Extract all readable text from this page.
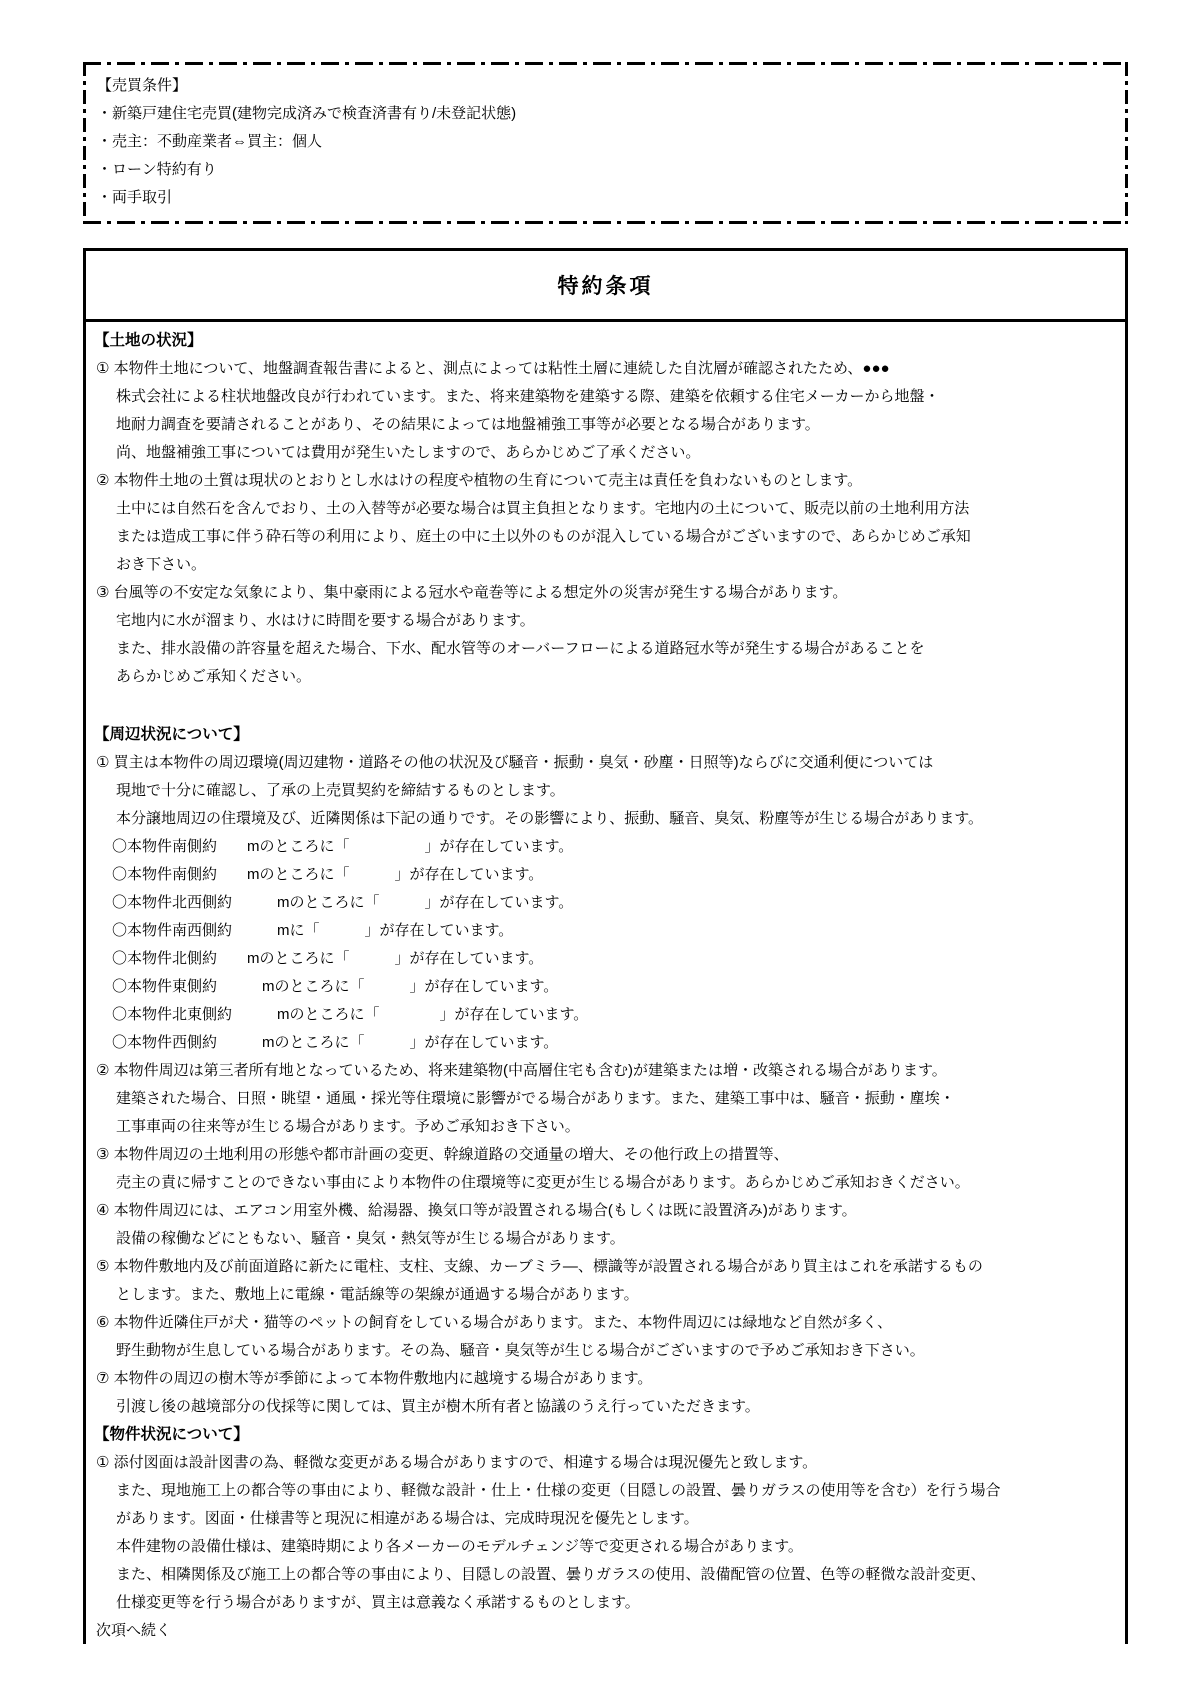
【売買条件】
・新築戸建住宅売買(建物完成済みで検査済書有り/未登記状態)
・売主：不動産業者⇔買主：個人
・ローン特約有り
・両手取引
特約条項
【土地の状況】
① 本物件土地について、地盤調査報告書によると、測点によっては粘性土層に連続した自沈層が確認されたため、●●●
株式会社による柱状地盤改良が行われています。また、将来建築物を建築する際、建築を依頼する住宅メーカーから地盤・
地耐力調査を要請されることがあり、その結果によっては地盤補強工事等が必要となる場合があります。
尚、地盤補強工事については費用が発生いたしますので、あらかじめご了承ください。
② 本物件土地の土質は現状のとおりとし水はけの程度や植物の生育について売主は責任を負わないものとします。
土中には自然石を含んでおり、土の入替等が必要な場合は買主負担となります。宅地内の土について、販売以前の土地利用方法
または造成工事に伴う砕石等の利用により、庭土の中に土以外のものが混入している場合がございますので、あらかじめご承知
おき下さい。
③ 台風等の不安定な気象により、集中豪雨による冠水や竜巻等による想定外の災害が発生する場合があります。
宅地内に水が溜まり、水はけに時間を要する場合があります。
また、排水設備の許容量を超えた場合、下水、配水管等のオーバーフローによる道路冠水等が発生する場合があることを
あらかじめご承知ください。
【周辺状況について】
① 買主は本物件の周辺環境(周辺建物・道路その他の状況及び騒音・振動・臭気・砂塵・日照等)ならびに交通利便については
現地で十分に確認し、了承の上売買契約を締結するものとします。
本分譲地周辺の住環境及び、近隣関係は下記の通りです。その影響により、振動、騒音、臭気、粉塵等が生じる場合があります。
〇本物件南側約　　mのところに「　　　　　」が存在しています。
〇本物件南側約　　mのところに「　　　」が存在しています。
〇本物件北西側約　　　mのところに「　　　」が存在しています。
〇本物件南西側約　　　mに「　　　」が存在しています。
〇本物件北側約　　mのところに「　　　」が存在しています。
〇本物件東側約　　　mのところに「　　　」が存在しています。
〇本物件北東側約　　　mのところに「　　　　」が存在しています。
〇本物件西側約　　　mのところに「　　　」が存在しています。
② 本物件周辺は第三者所有地となっているため、将来建築物(中高層住宅も含む)が建築または増・改築される場合があります。
建築された場合、日照・眺望・通風・採光等住環境に影響がでる場合があります。また、建築工事中は、騒音・振動・塵埃・
工事車両の往来等が生じる場合があります。予めご承知おき下さい。
③ 本物件周辺の土地利用の形態や都市計画の変更、幹線道路の交通量の増大、その他行政上の措置等、
売主の責に帰すことのできない事由により本物件の住環境等に変更が生じる場合があります。あらかじめご承知おきください。
④ 本物件周辺には、エアコン用室外機、給湯器、換気口等が設置される場合(もしくは既に設置済み)があります。
設備の稼働などにともない、騒音・臭気・熱気等が生じる場合があります。
⑤ 本物件敷地内及び前面道路に新たに電柱、支柱、支線、カーブミラ―、標識等が設置される場合があり買主はこれを承諾するもの
とします。また、敷地上に電線・電話線等の架線が通過する場合があります。
⑥ 本物件近隣住戸が犬・猫等のペットの飼育をしている場合があります。また、本物件周辺には緑地など自然が多く、
野生動物が生息している場合があります。その為、騒音・臭気等が生じる場合がございますので予めご承知おき下さい。
⑦ 本物件の周辺の樹木等が季節によって本物件敷地内に越境する場合があります。
引渡し後の越境部分の伐採等に関しては、買主が樹木所有者と協議のうえ行っていただきます。
【物件状況について】
① 添付図面は設計図書の為、軽微な変更がある場合がありますので、相違する場合は現況優先と致します。
また、現地施工上の都合等の事由により、軽微な設計・仕上・仕様の変更（目隠しの設置、曇りガラスの使用等を含む）を行う場合
があります。図面・仕様書等と現況に相違がある場合は、完成時現況を優先とします。
本件建物の設備仕様は、建築時期により各メーカーのモデルチェンジ等で変更される場合があります。
また、相隣関係及び施工上の都合等の事由により、目隠しの設置、曇りガラスの使用、設備配管の位置、色等の軽微な設計変更、
仕様変更等を行う場合がありますが、買主は意義なく承諾するものとします。
次項へ続く
